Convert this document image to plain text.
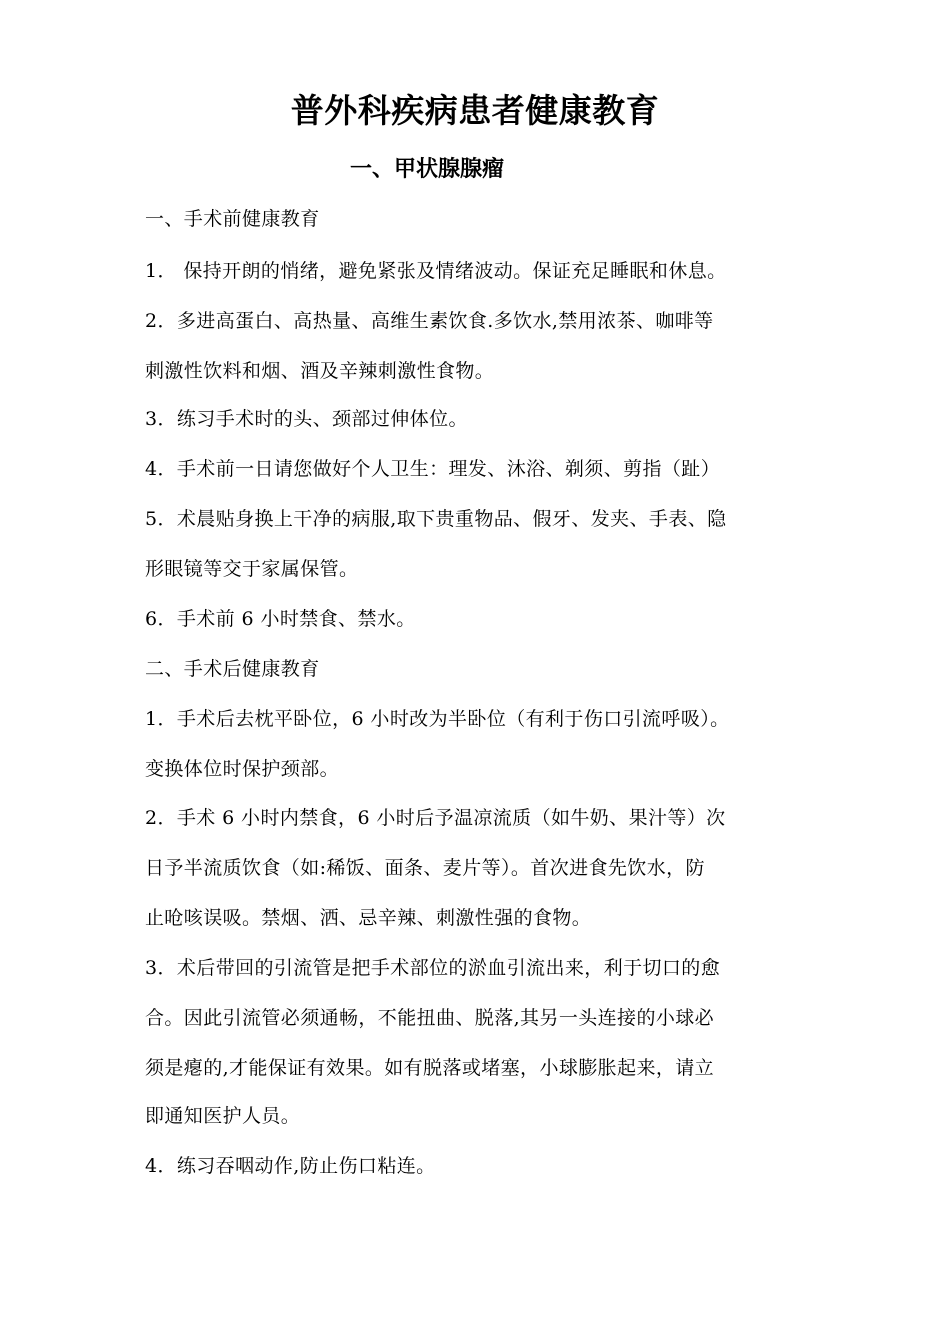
普外科疾病患者健康教育
一、甲状腺腺瘤
一、手术前健康教育
1． 保持开朗的悄绪，避免紧张及情绪波动。保证充足睡眠和休息。
2．多进高蛋白、高热量、高维生素饮食.多饮水,禁用浓茶、咖啡等
刺激性饮料和烟、酒及辛辣刺激性食物。
3．练习手术时的头、颈部过伸体位。
4．手术前一日请您做好个人卫生：理发、沐浴、剃须、剪指（趾）
5．术晨贴身换上干净的病服,取下贵重物品、假牙、发夹、手表、隐
形眼镜等交于家属保管。
6．手术前 6 小时禁食、禁水。
二、手术后健康教育
1．手术后去枕平卧位，6 小时改为半卧位（有利于伤口引流呼吸）。
变换体位时保护颈部。
2．手术 6 小时内禁食，6 小时后予温凉流质（如牛奶、果汁等）次
日予半流质饮食（如:稀饭、面条、麦片等）。首次进食先饮水，防
止呛咳误吸。禁烟、洒、忌辛辣、刺激性强的食物。
3．术后带回的引流管是把手术部位的淤血引流出来，利于切口的愈
合。因此引流管必须通畅，不能扭曲、脱落,其另一头连接的小球必
须是瘪的,才能保证有效果。如有脱落或堵塞，小球膨胀起来，请立
即通知医护人员。
4．练习吞咽动作,防止伤口粘连。
